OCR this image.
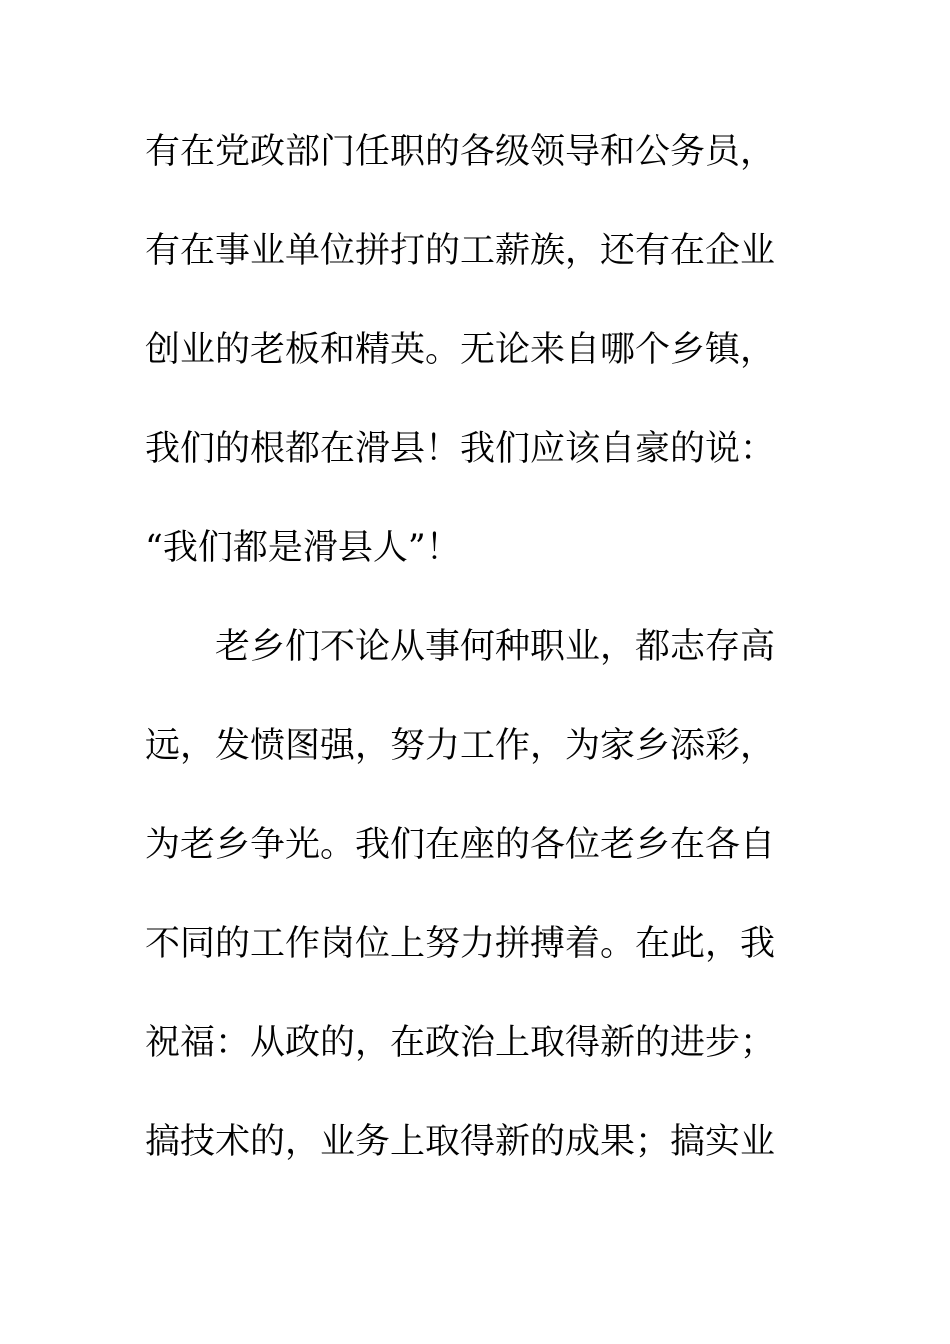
有在党政部门任职的各级领导和公务员，
有在事业单位拼打的工薪族，还有在企业
创业的老板和精英。无论来自哪个乡镇，
我们的根都在滑县！我们应该自豪的说：
“我们都是滑县人”！
老乡们不论从事何种职业，都志存高
远，发愤图强，努力工作，为家乡添彩，
为老乡争光。我们在座的各位老乡在各自
不同的工作岗位上努力拼搏着。在此，我
祝福：从政的，在政治上取得新的进步；
搞技术的，业务上取得新的成果；搞实业
